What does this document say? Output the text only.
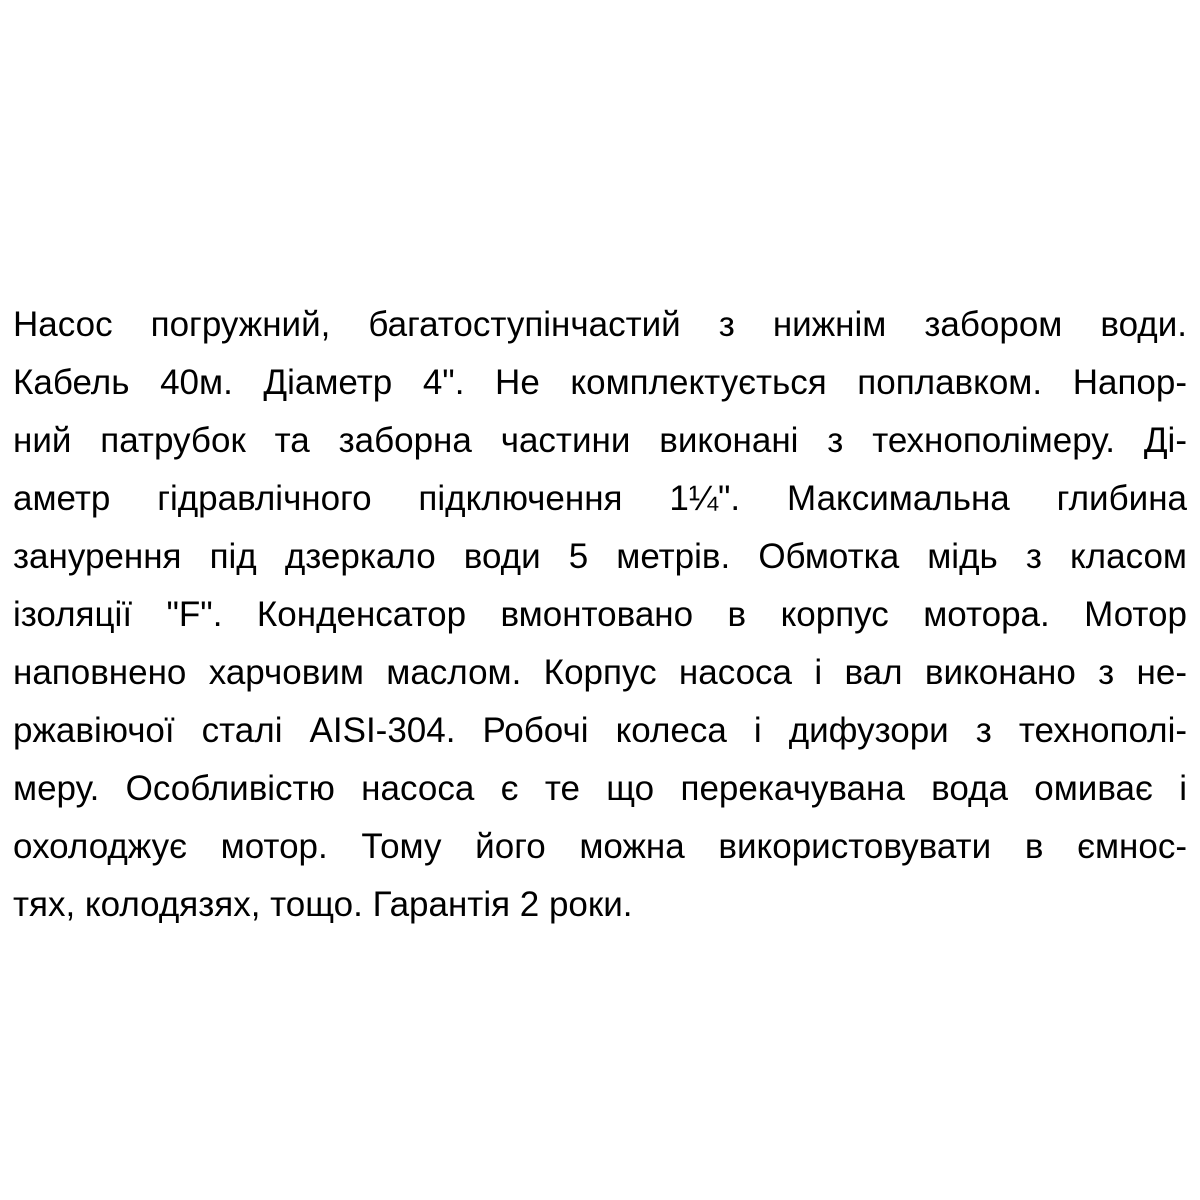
Насос погружний, багатоступінчастий з нижнім забором води.
Кабель 40м. Діаметр 4". Не комплектується поплавком. Напор-
ний патрубок та заборна частини виконані з технополімеру. Ді-
аметр гідравлічного підключення 1¼". Максимальна глибина
занурення під дзеркало води 5 метрів. Обмотка мідь з класом
ізоляції "F". Конденсатор вмонтовано в корпус мотора. Мотор
наповнено харчовим маслом. Корпус насоса і вал виконано з не-
ржавіючої сталі AISI-304. Робочі колеса і дифузори з технополі-
меру. Особливістю насоса є те що перекачувана вода омиває і
охолоджує мотор. Тому його можна використовувати в ємнос-
тях, колодязях, тощо. Гарантія 2 роки.
